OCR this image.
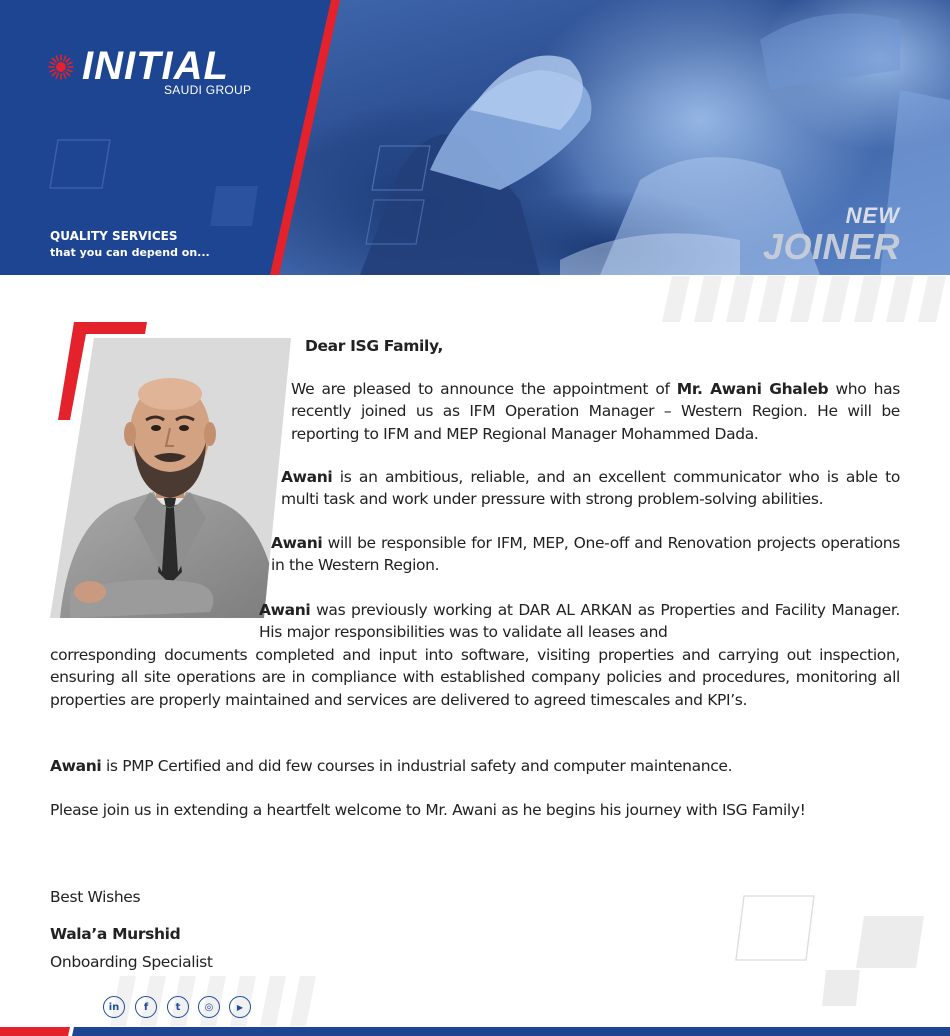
INITIAL
SAUDI GROUP
QUALITY SERVICES
that you can depend on...
NEW
JOINER
Dear ISG Family,

We are pleased to announce the appointment of Mr. Awani Ghaleb who has recently joined us as IFM Operation Manager – Western Region. He will be reporting to IFM and MEP Regional Manager Mohammed Dada.

Awani is an ambitious, reliable, and an excellent communicator who is able to multi task and work under pressure with strong problem-solving abilities.

Awani will be responsible for IFM, MEP, One-off and Renovation projects operations in the Western Region.

Awani was previously working at DAR AL ARKAN as Properties and Facility Manager. His major responsibilities was to validate all leases and

corresponding documents completed and input into software, visiting properties and carrying out inspection, ensuring all site operations are in compliance with established company policies and procedures, monitoring all properties are properly maintained and services are delivered to agreed timescales and KPI’s.

Awani is PMP Certified and did few courses in industrial safety and computer maintenance.

Please join us in extending a heartfelt welcome to Mr. Awani as he begins his journey with ISG Family!

Best Wishes
Wala’a Murshid
Onboarding Specialist
in	f	t	◎	▶
